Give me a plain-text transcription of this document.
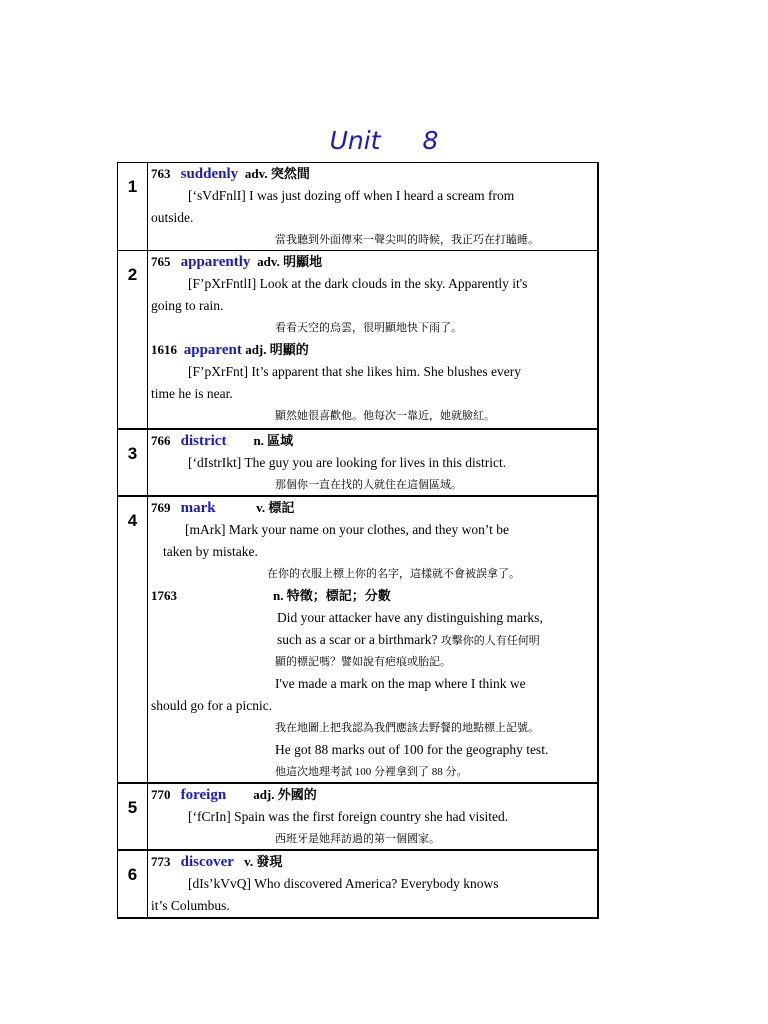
Unit 8
1
763 suddenly adv. 突然間
[‘sVdFnlI] I was just dozing off when I heard a scream from
outside.
當我聽到外面傳來一聲尖叫的時候，我正巧在打瞌睡。
2
765 apparently adv. 明顯地
[F’pXrFntlI] Look at the dark clouds in the sky. Apparently it's
going to rain.
看看天空的烏雲，很明顯地快下雨了。
1616 apparent adj. 明顯的
[F’pXrFnt] It’s apparent that she likes him. She blushes every
time he is near.
顯然她很喜歡他。他每次一靠近，她就臉紅。
3
766 district n. 區域
[‘dIstrIkt] The guy you are looking for lives in this district.
那個你一直在找的人就住在這個區域。
4
769 mark	v. 標記
[mArk] Mark your name on your clothes, and they won’t be
taken by mistake.
在你的衣服上標上你的名字，這樣就不會被誤拿了。
1763	n. 特徵；標記；分數
Did your attacker have any distinguishing marks,
such as a scar or a birthmark? 攻擊你的人有任何明
顯的標記嗎？譬如說有疤痕或胎記。
I've made a mark on the map where I think we
should go for a picnic.
我在地圖上把我認為我們應該去野餐的地點標上記號。
He got 88 marks out of 100 for the geography test.
他這次地理考試 100 分裡拿到了 88 分。
5
770 foreign adj. 外國的
[‘fCrIn] Spain was the first foreign country she had visited.
西班牙是她拜訪過的第一個國家。
6
773 discover v. 發現
[dIs’kVvQ] Who discovered America? Everybody knows
it’s Columbus.
